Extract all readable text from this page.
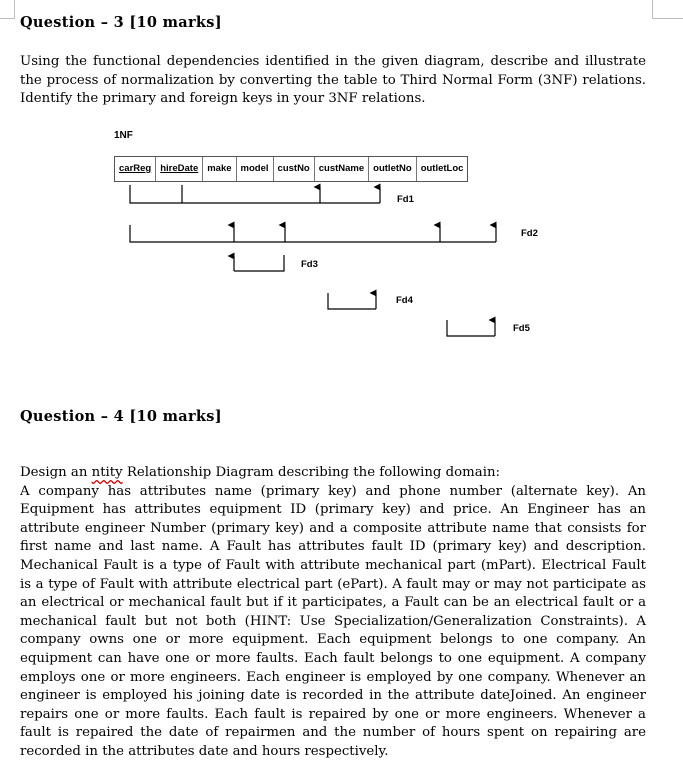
Question – 3 [10 marks]
Using the functional dependencies identified in the given diagram, describe and illustrate
the process of normalization by converting the table to Third Normal Form (3NF) relations.
Identify the primary and foreign keys in your 3NF relations.
1NF
carReg hireDate make model custNo custName outletNo outletLoc
Fd1
Fd2
Fd3
Fd4
Fd5
Question – 4 [10 marks]
Design an ntity Relationship Diagram describing the following domain:
A company has attributes name (primary key) and phone number (alternate key). An
Equipment has attributes equipment ID (primary key) and price. An Engineer has an
attribute engineer Number (primary key) and a composite attribute name that consists for
first name and last name. A Fault has attributes fault ID (primary key) and description.
Mechanical Fault is a type of Fault with attribute mechanical part (mPart). Electrical Fault
is a type of Fault with attribute electrical part (ePart). A fault may or may not participate as
an electrical or mechanical fault but if it participates, a Fault can be an electrical fault or a
mechanical fault but not both (HINT: Use Specialization/Generalization Constraints). A
company owns one or more equipment. Each equipment belongs to one company. An
equipment can have one or more faults. Each fault belongs to one equipment. A company
employs one or more engineers. Each engineer is employed by one company. Whenever an
engineer is employed his joining date is recorded in the attribute dateJoined. An engineer
repairs one or more faults. Each fault is repaired by one or more engineers. Whenever a
fault is repaired the date of repairmen and the number of hours spent on repairing are
recorded in the attributes date and hours respectively.
